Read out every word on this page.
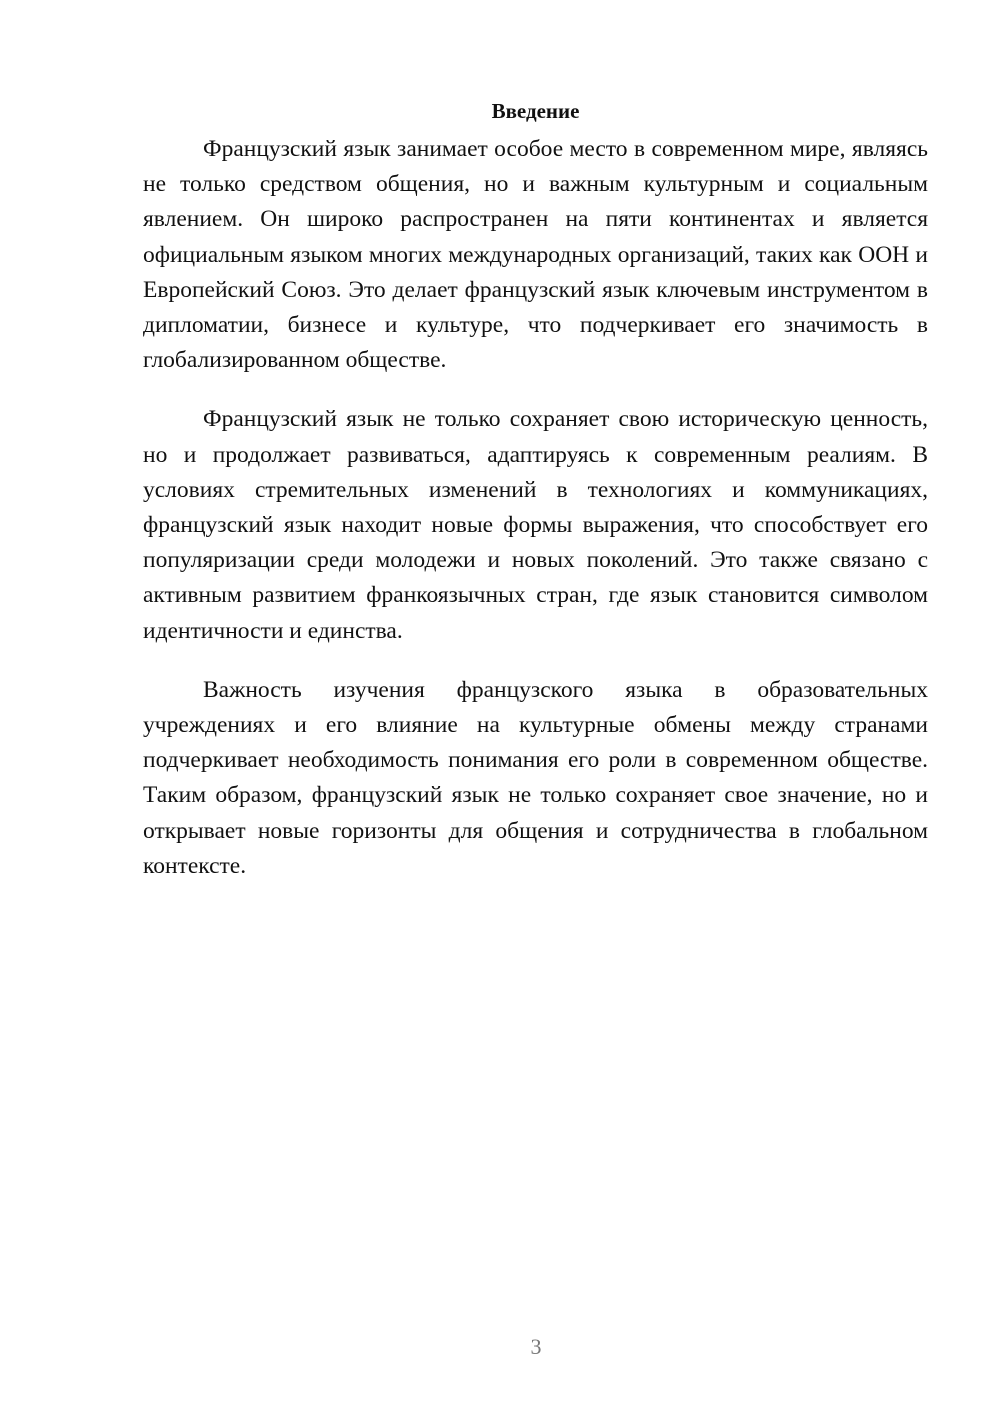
Введение

Французский язык занимает особое место в современном мире, являясь не только средством общения, но и важным культурным и социальным явлением. Он широко распространен на пяти континентах и является официальным языком многих международных организаций, таких как ООН и Европейский Союз. Это делает французский язык ключевым инструментом в дипломатии, бизнесе и культуре, что подчеркивает его значимость в глобализированном обществе.

Французский язык не только сохраняет свою историческую ценность, но и продолжает развиваться, адаптируясь к современным реалиям. В условиях стремительных изменений в технологиях и коммуникациях, французский язык находит новые формы выражения, что способствует его популяризации среди молодежи и новых поколений. Это также связано с активным развитием франкоязычных стран, где язык становится символом идентичности и единства.

Важность изучения французского языка в образовательных учреждениях и его влияние на культурные обмены между странами подчеркивает необходимость понимания его роли в современном обществе. Таким образом, французский язык не только сохраняет свое значение, но и открывает новые горизонты для общения и сотрудничества в глобальном контексте.

3
